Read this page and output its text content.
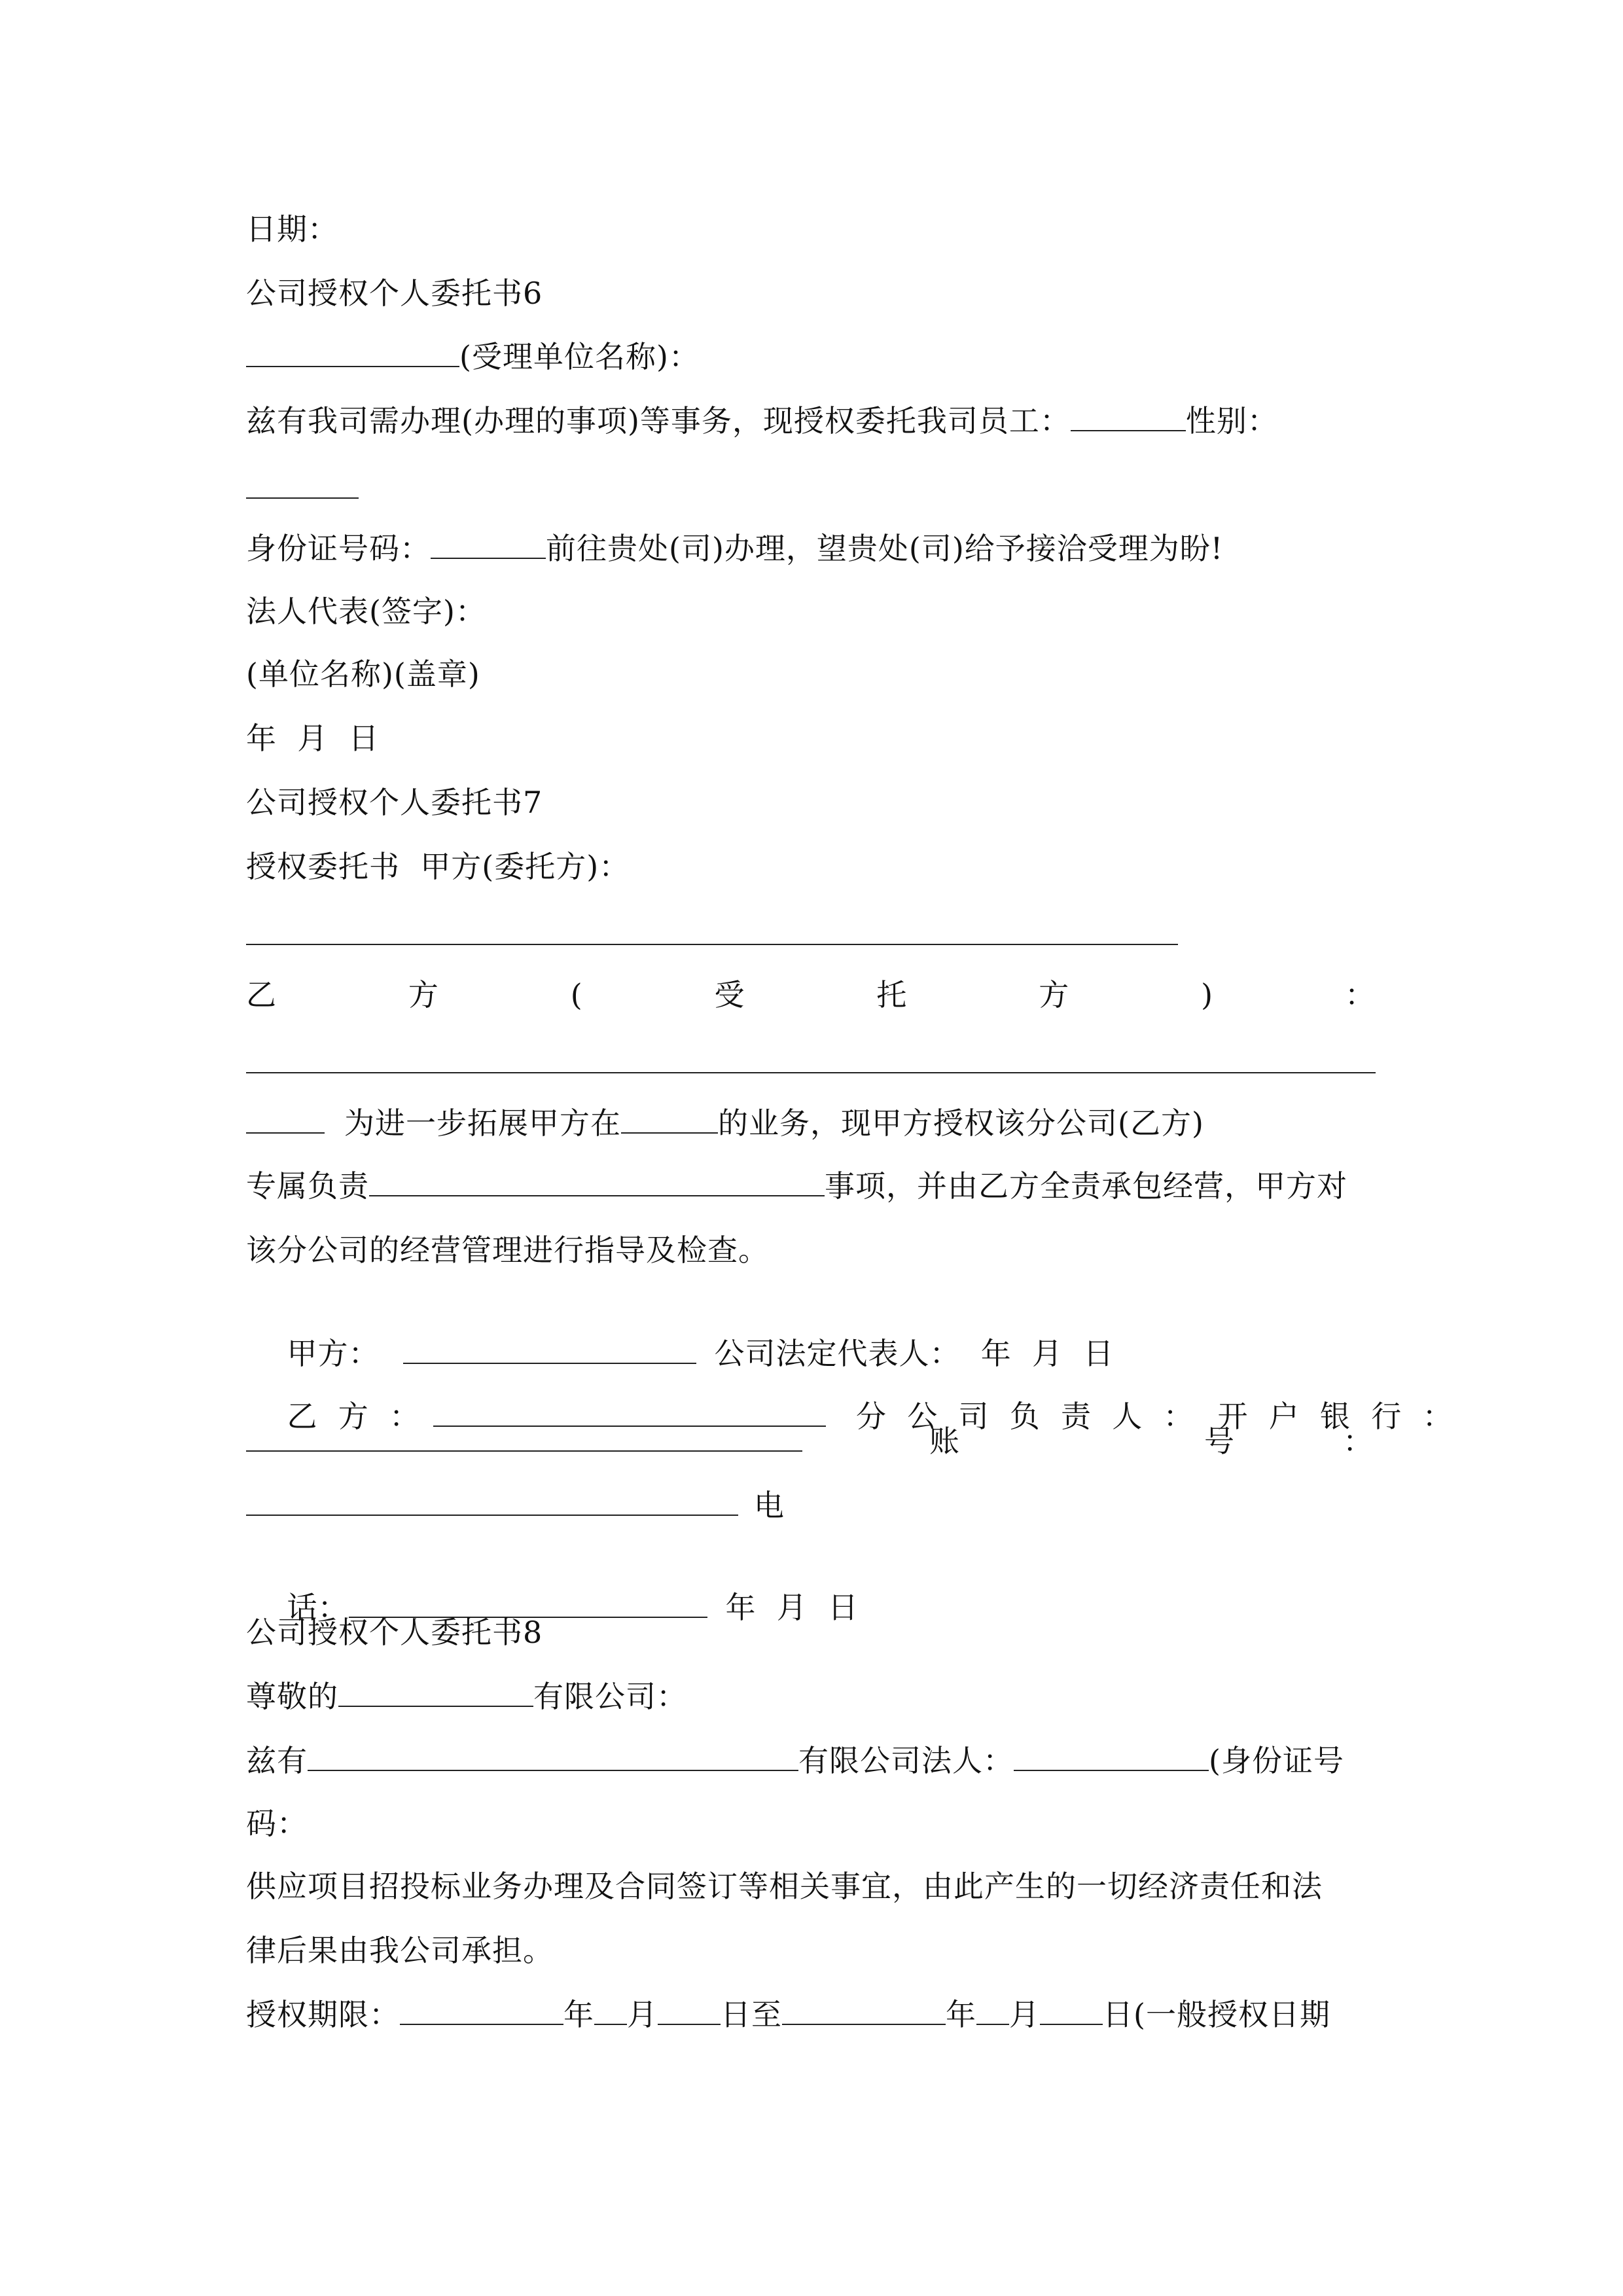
日期：
公司授权个人委托书6
(受理单位名称)：
兹有我司需办理(办理的事项)等事务，现授权委托我司员工：	性别：
身份证号码：	前往贵处(司)办理，望贵处(司)给予接洽受理为盼!
法人代表(签字)：
(单位名称)(盖章)
年  月  日
公司授权个人委托书7
授权委托书  甲方(委托方)：
乙	方	(	受	托	方	)	：
为进一步拓展甲方在	的业务，现甲方授权该分公司(乙方)
专属负责	事项，并由乙方全责承包经营，甲方对
该分公司的经营管理进行指导及检查。

甲方：	公司法定代表人：  年  月  日

乙  方  ：	分  公  司  负  责  人  ： 开  户  银  行  ：

账	号	：
电

话：	年  月  日

公司授权个人委托书8
尊敬的	有限公司：
兹有	有限公司法人：	(身份证号
码：
供应项目招投标业务办理及合同签订等相关事宜，由此产生的一切经济责任和法
律后果由我公司承担。
授权期限：	年 月 日至	年 月 日(一般授权日期
